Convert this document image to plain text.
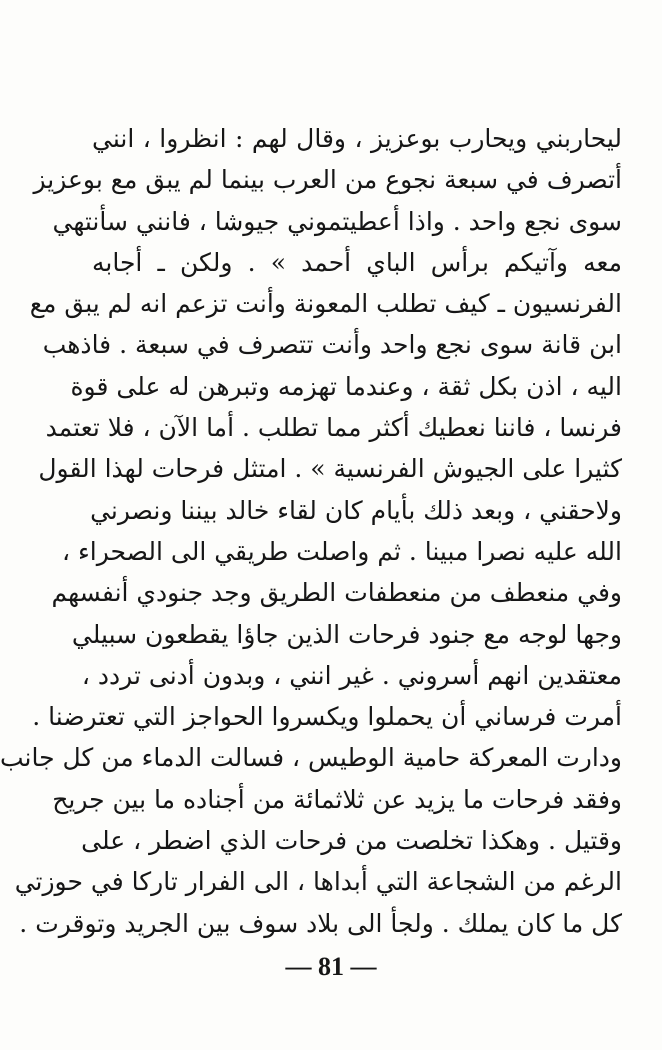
ليحاربني ويحارب بوعزيز ، وقال لهم : انظروا ، انني
أتصرف في سبعة نجوع من العرب بينما لم يبق مع بوعزيز
سوى نجع واحد . واذا أعطيتموني جيوشا ، فانني سأنتهي
معه وآتيكم برأس الباي أحمد » . ولكن ـ أجابه
الفرنسيون ـ كيف تطلب المعونة وأنت تزعم انه لم يبق مع
ابن قانة سوى نجع واحد وأنت تتصرف في سبعة . فاذهب
اليه ، اذن بكل ثقة ، وعندما تهزمه وتبرهن له على قوة
فرنسا ، فاننا نعطيك أكثر مما تطلب . أما الآن ، فلا تعتمد
كثيرا على الجيوش الفرنسية » . امتثل فرحات لهذا القول
ولاحقني ، وبعد ذلك بأيام كان لقاء خالد بيننا ونصرني
الله عليه نصرا مبينا . ثم واصلت طريقي الى الصحراء ،
وفي منعطف من منعطفات الطريق وجد جنودي أنفسهم
وجها لوجه مع جنود فرحات الذين جاؤا يقطعون سبيلي
معتقدين انهم أسروني . غير انني ، وبدون أدنى تردد ،
أمرت فرساني أن يحملوا ويكسروا الحواجز التي تعترضنا .
ودارت المعركة حامية الوطيس ، فسالت الدماء من كل جانب
وفقد فرحات ما يزيد عن ثلاثمائة من أجناده ما بين جريح
وقتيل . وهكذا تخلصت من فرحات الذي اضطر ، على
الرغم من الشجاعة التي أبداها ، الى الفرار تاركا في حوزتي
كل ما كان يملك . ولجأ الى بلاد سوف بين الجريد وتوقرت .
— 81 —
